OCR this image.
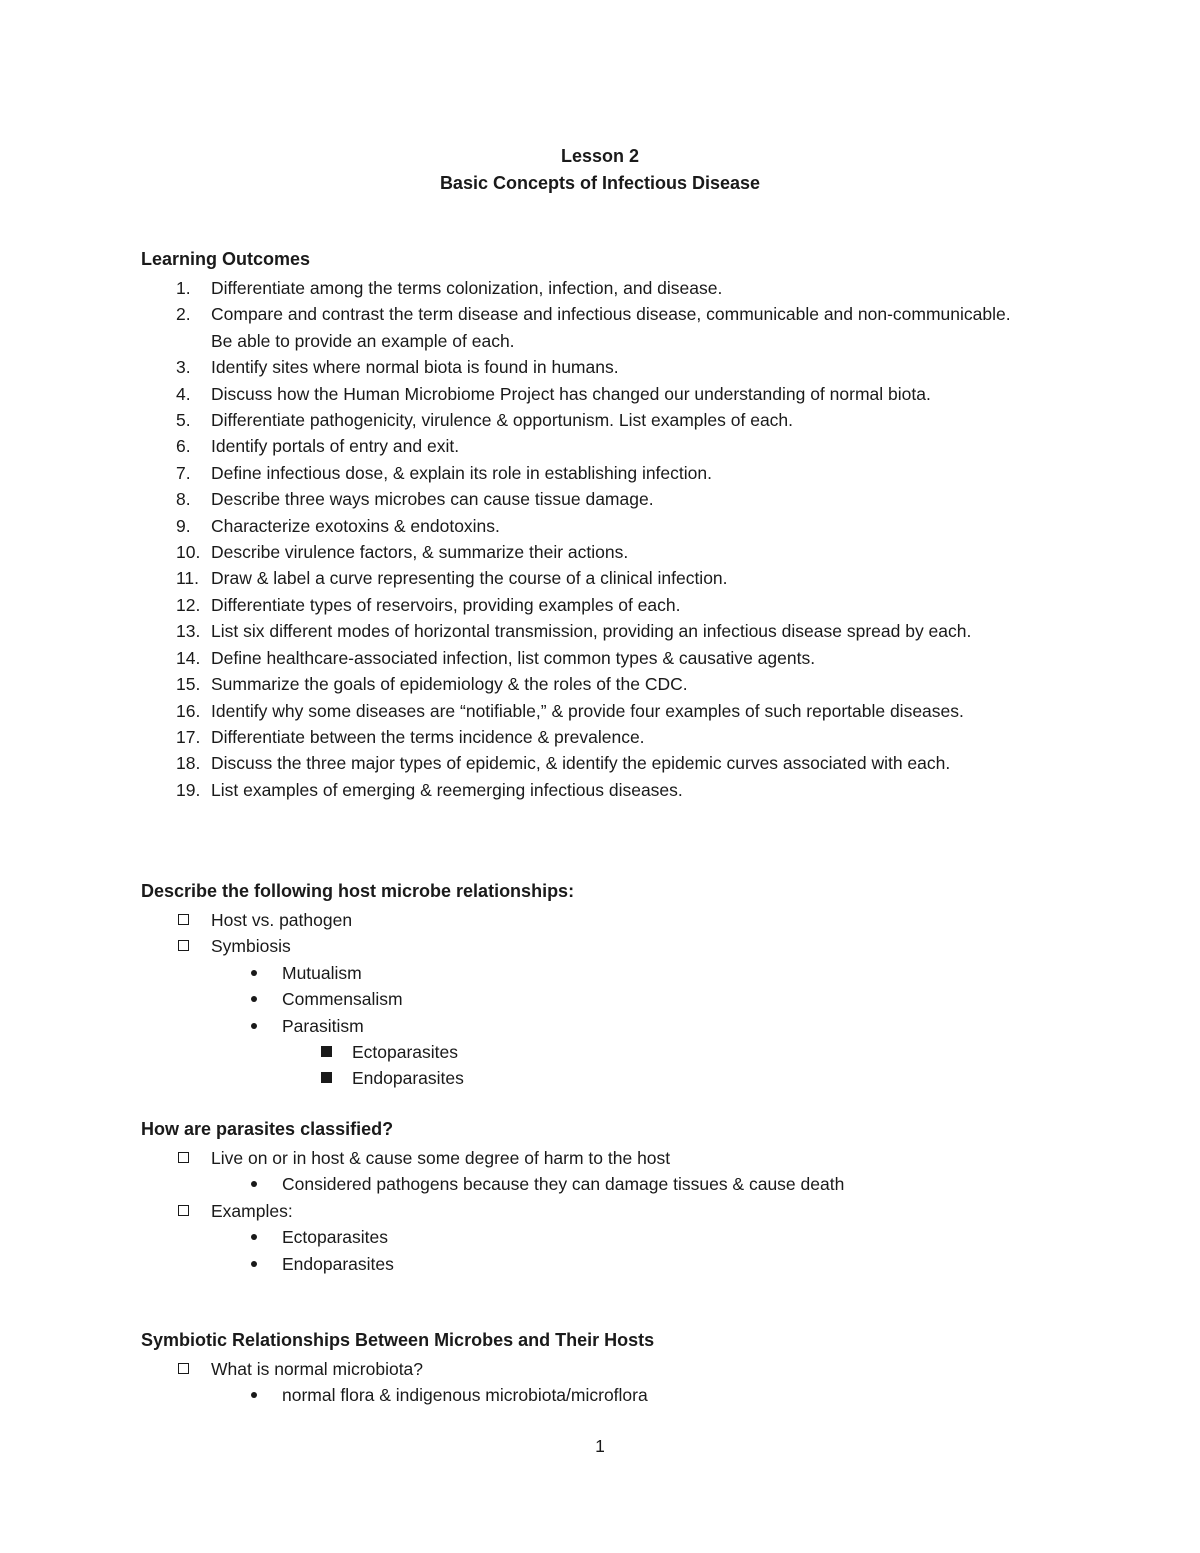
Lesson 2
Basic Concepts of Infectious Disease
Learning Outcomes
1.	Differentiate among the terms colonization, infection, and disease.
2.	Compare and contrast the term disease and infectious disease, communicable and non-communicable. Be able to provide an example of each.
3.	Identify sites where normal biota is found in humans.
4.	Discuss how the Human Microbiome Project has changed our understanding of normal biota.
5.	Differentiate pathogenicity, virulence & opportunism. List examples of each.
6.	Identify portals of entry and exit.
7.	Define infectious dose, & explain its role in establishing infection.
8.	Describe three ways microbes can cause tissue damage.
9.	Characterize exotoxins & endotoxins.
10. Describe virulence factors, & summarize their actions.
11. Draw & label a curve representing the course of a clinical infection.
12. Differentiate types of reservoirs, providing examples of each.
13. List six different modes of horizontal transmission, providing an infectious disease spread by each.
14. Define healthcare-associated infection, list common types & causative agents.
15. Summarize the goals of epidemiology & the roles of the CDC.
16. Identify why some diseases are “notifiable,” & provide four examples of such reportable diseases.
17. Differentiate between the terms incidence & prevalence.
18. Discuss the three major types of epidemic, & identify the epidemic curves associated with each.
19. List examples of emerging & reemerging infectious diseases.
Describe the following host microbe relationships:
Host vs. pathogen
Symbiosis
Mutualism
Commensalism
Parasitism
Ectoparasites
Endoparasites
How are parasites classified?
Live on or in host & cause some degree of harm to the host
Considered pathogens because they can damage tissues & cause death
Examples:
Ectoparasites
Endoparasites
Symbiotic Relationships Between Microbes and Their Hosts
What is normal microbiota?
normal flora & indigenous microbiota/microflora
1
